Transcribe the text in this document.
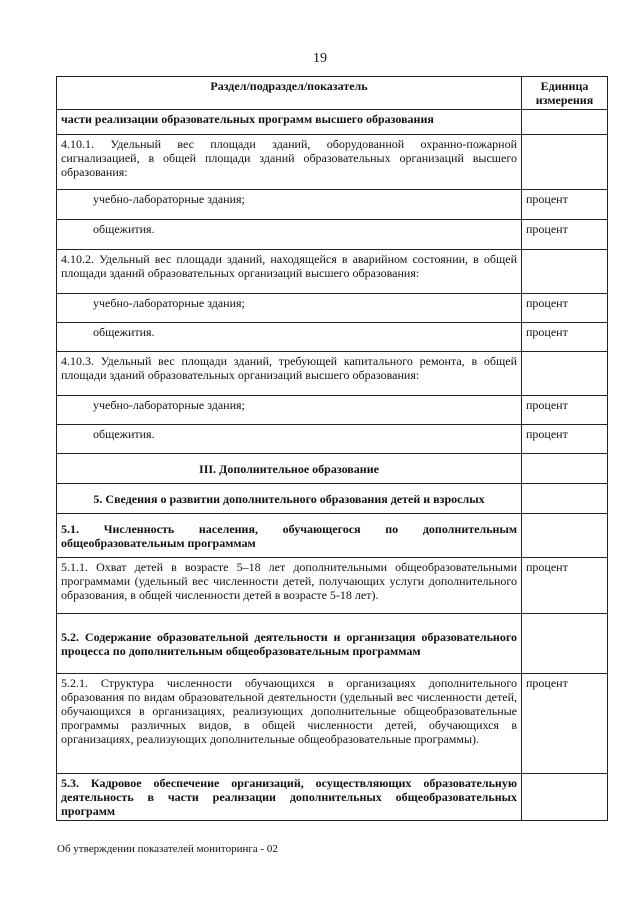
19
Раздел/подраздел/показатель	Единица
измерения
части реализации образовательных программ высшего образования	
4.10.1. Удельный вес площади зданий, оборудованной охранно-пожарной сигнализацией, в общей площади зданий образовательных организаций высшего образования:	
учебно-лабораторные здания;	процент
общежития.	процент
4.10.2. Удельный вес площади зданий, находящейся в аварийном состоянии, в общей площади зданий образовательных организаций высшего образования:	
учебно-лабораторные здания;	процент
общежития.	процент
4.10.3. Удельный вес площади зданий, требующей капитального ремонта, в общей площади зданий образовательных организаций высшего образования:	
учебно-лабораторные здания;	процент
общежития.	процент
III. Дополнительное образование	
5. Сведения о развитии дополнительного образования детей и взрослых	
5.1. Численность населения, обучающегося по дополнительным общеобразовательным программам	
5.1.1. Охват детей в возрасте 5–18 лет дополнительными общеобразовательными программами (удельный вес численности детей, получающих услуги дополнительного образования, в общей численности детей в возрасте 5-18 лет).	процент
5.2. Содержание образовательной деятельности и организация образовательного процесса по дополнительным общеобразовательным программам	
5.2.1. Структура численности обучающихся в организациях дополнительного образования по видам образовательной деятельности (удельный вес численности детей, обучающихся в организациях, реализующих дополнительные общеобразовательные программы различных видов, в общей численности детей, обучающихся в организациях, реализующих дополнительные общеобразовательные программы).	процент
5.3. Кадровое обеспечение организаций, осуществляющих образовательную деятельность в части реализации дополнительных общеобразовательных программ	
Об утверждении показателей мониторинга - 02
